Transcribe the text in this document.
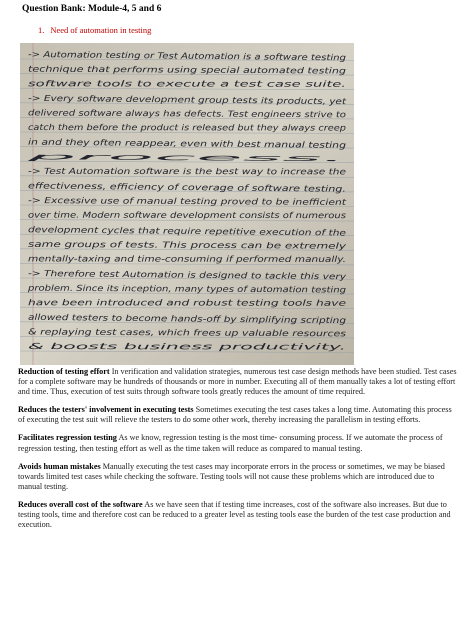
Question Bank: Module-4, 5 and 6
1. Need of automation in testing
-> Automation testing or Test Automation is a software testing
technique that performs using special automated testing
software tools to execute a test case suite.
-> Every software development group tests its products, yet
delivered software always has defects. Test engineers strive to
catch them before the product is released but they always creep
in and they often reappear, even with best manual testing
process.
-> Test Automation software is the best way to increase the
effectiveness, efficiency of coverage of software testing.
-> Excessive use of manual testing proved to be inefficient
over time. Modern software development consists of numerous
development cycles that require repetitive execution of the
same groups of tests. This process can be extremely
mentally-taxing and time-consuming if performed manually.
-> Therefore test Automation is designed to tackle this very
problem. Since its inception, many types of automation testing
have been introduced and robust testing tools have
allowed testers to become hands-off by simplifying scripting
& replaying test cases, which frees up valuable resources
& boosts business productivity.

Reduction of testing effort In verification and validation strategies, numerous test case design methods have been studied. Test cases for a complete software may be hundreds of thousands or more in number. Executing all of them manually takes a lot of testing effort and time. Thus, execution of test suits through software tools greatly reduces the amount of time required.

Reduces the testers' involvement in executing tests Sometimes executing the test cases takes a long time. Automating this process of executing the test suit will relieve the testers to do some other work, thereby increasing the parallelism in testing efforts.

Facilitates regression testing As we know, regression testing is the most time- consuming process. If we automate the process of regression testing, then testing effort as well as the time taken will reduce as compared to manual testing.

Avoids human mistakes Manually executing the test cases may incorporate errors in the process or sometimes, we may be biased towards limited test cases while checking the software. Testing tools will not cause these problems which are introduced due to manual testing.

Reduces overall cost of the software As we have seen that if testing time increases, cost of the software also increases. But due to testing tools, time and therefore cost can be reduced to a greater level as testing tools ease the burden of the test case production and execution.
